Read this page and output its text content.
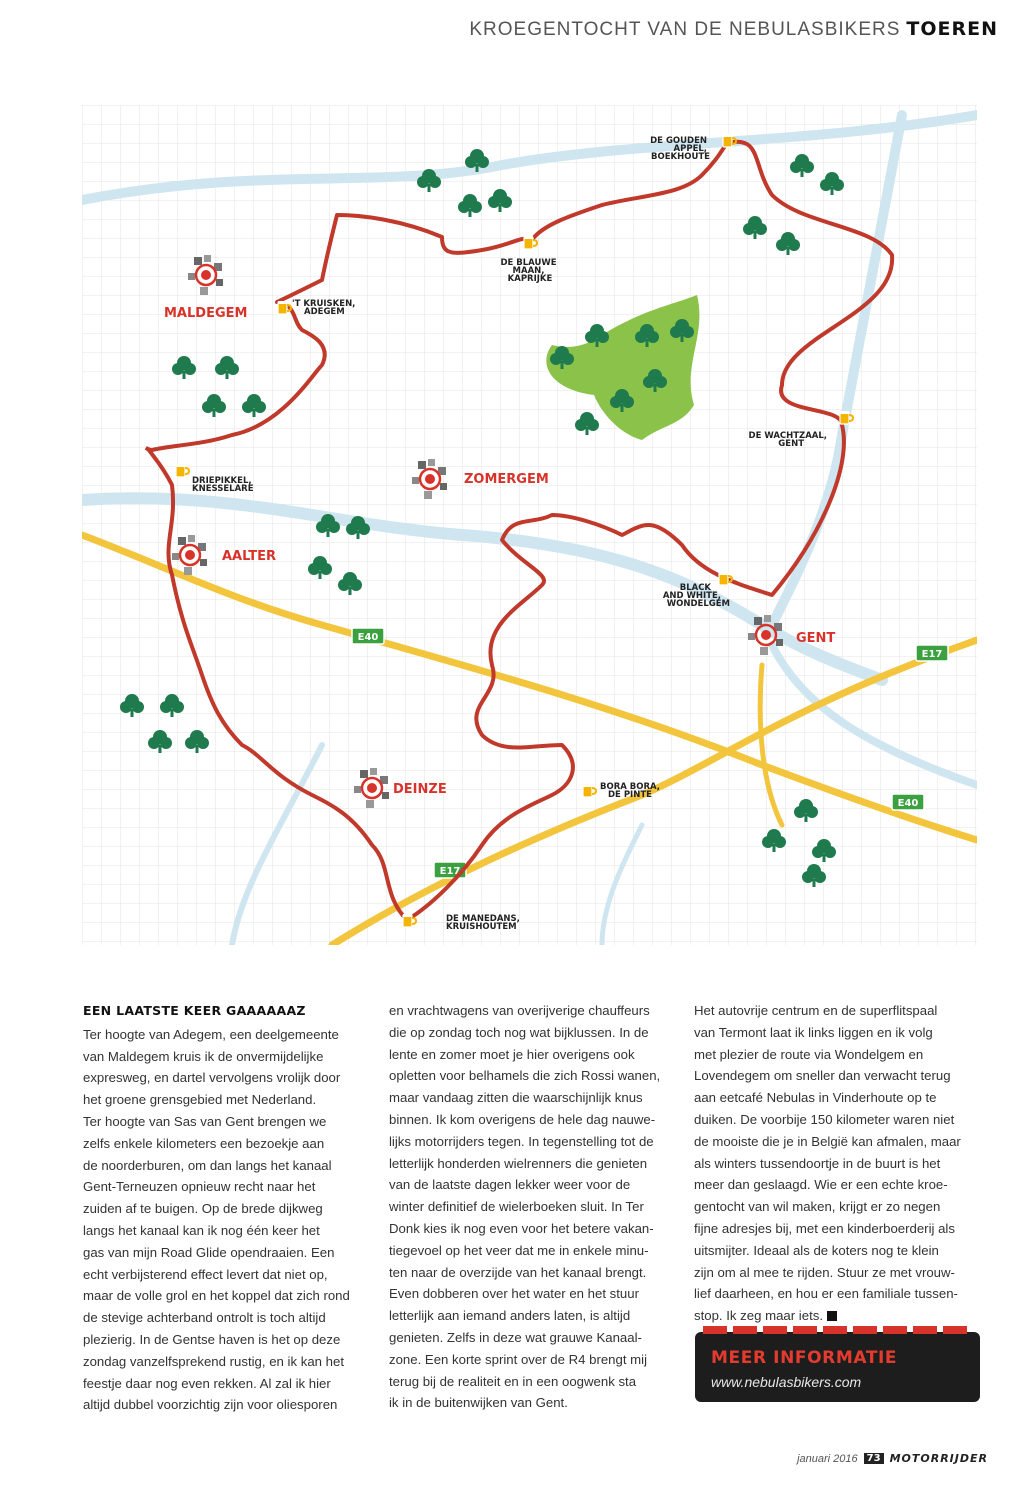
KROEGENTOCHT VAN DE NEBULASBIKERS TOEREN
E40
E40
E17
E17
MALDEGEM
ZOMERGEM
AALTER
GENT
DEINZE
DE GOUDEN APPEL, BOEKHOUTE
DE BLAUWE MAAN, KAPRIJKE
'T KRUISKEN, ADEGEM
DRIEPIKKEL, KNESSELARE
DE WACHTZAAL, GENT
BLACK AND WHITE, WONDELGEM
BORA BORA, DE PINTE
DE MANEDANS, KRUISHOUTEM
EEN LAATSTE KEER GAAAAAAZ

Ter hoogte van Adegem, een deelgemeente
van Maldegem kruis ik de onvermijdelijke
expresweg, en dartel vervolgens vrolijk door
het groene grensgebied met Nederland.
Ter hoogte van Sas van Gent brengen we
zelfs enkele kilometers een bezoekje aan
de noorderburen, om dan langs het kanaal
Gent-Terneuzen opnieuw recht naar het
zuiden af te buigen. Op de brede dijkweg
langs het kanaal kan ik nog één keer het
gas van mijn Road Glide opendraaien. Een
echt verbijsterend effect levert dat niet op,
maar de volle grol en het koppel dat zich rond
de stevige achterband ontrolt is toch altijd
plezierig. In de Gentse haven is het op deze
zondag vanzelfsprekend rustig, en ik kan het
feestje daar nog even rekken. Al zal ik hier
altijd dubbel voorzichtig zijn voor oliesporen

en vrachtwagens van overijverige chauffeurs
die op zondag toch nog wat bijklussen. In de
lente en zomer moet je hier overigens ook
opletten voor belhamels die zich Rossi wanen,
maar vandaag zitten die waarschijnlijk knus
binnen. Ik kom overigens de hele dag nauwe-
lijks motorrijders tegen. In tegenstelling tot de
letterlijk honderden wielrenners die genieten
van de laatste dagen lekker weer voor de
winter definitief de wielerboeken sluit. In Ter
Donk kies ik nog even voor het betere vakan-
tiegevoel op het veer dat me in enkele minu-
ten naar de overzijde van het kanaal brengt.
Even dobberen over het water en het stuur
letterlijk aan iemand anders laten, is altijd
genieten. Zelfs in deze wat grauwe Kanaal-
zone. Een korte sprint over de R4 brengt mij
terug bij de realiteit en in een oogwenk sta
ik in de buitenwijken van Gent.

Het autovrije centrum en de superflitspaal
van Termont laat ik links liggen en ik volg
met plezier de route via Wondelgem en
Lovendegem om sneller dan verwacht terug
aan eetcafé Nebulas in Vinderhoute op te
duiken. De voorbije 150 kilometer waren niet
de mooiste die je in België kan afmalen, maar
als winters tussendoortje in de buurt is het
meer dan geslaagd. Wie er een echte kroe-
gentocht van wil maken, krijgt er zo negen
fijne adresjes bij, met een kinderboerderij als
uitsmijter. Ideaal als de koters nog te klein
zijn om al mee te rijden. Stuur ze met vrouw-
lief daarheen, en hou er een familiale tussen-
stop. Ik zeg maar iets.

MEER INFORMATIE
www.nebulasbikers.com
januari 2016 73 MOTORRIJDER
